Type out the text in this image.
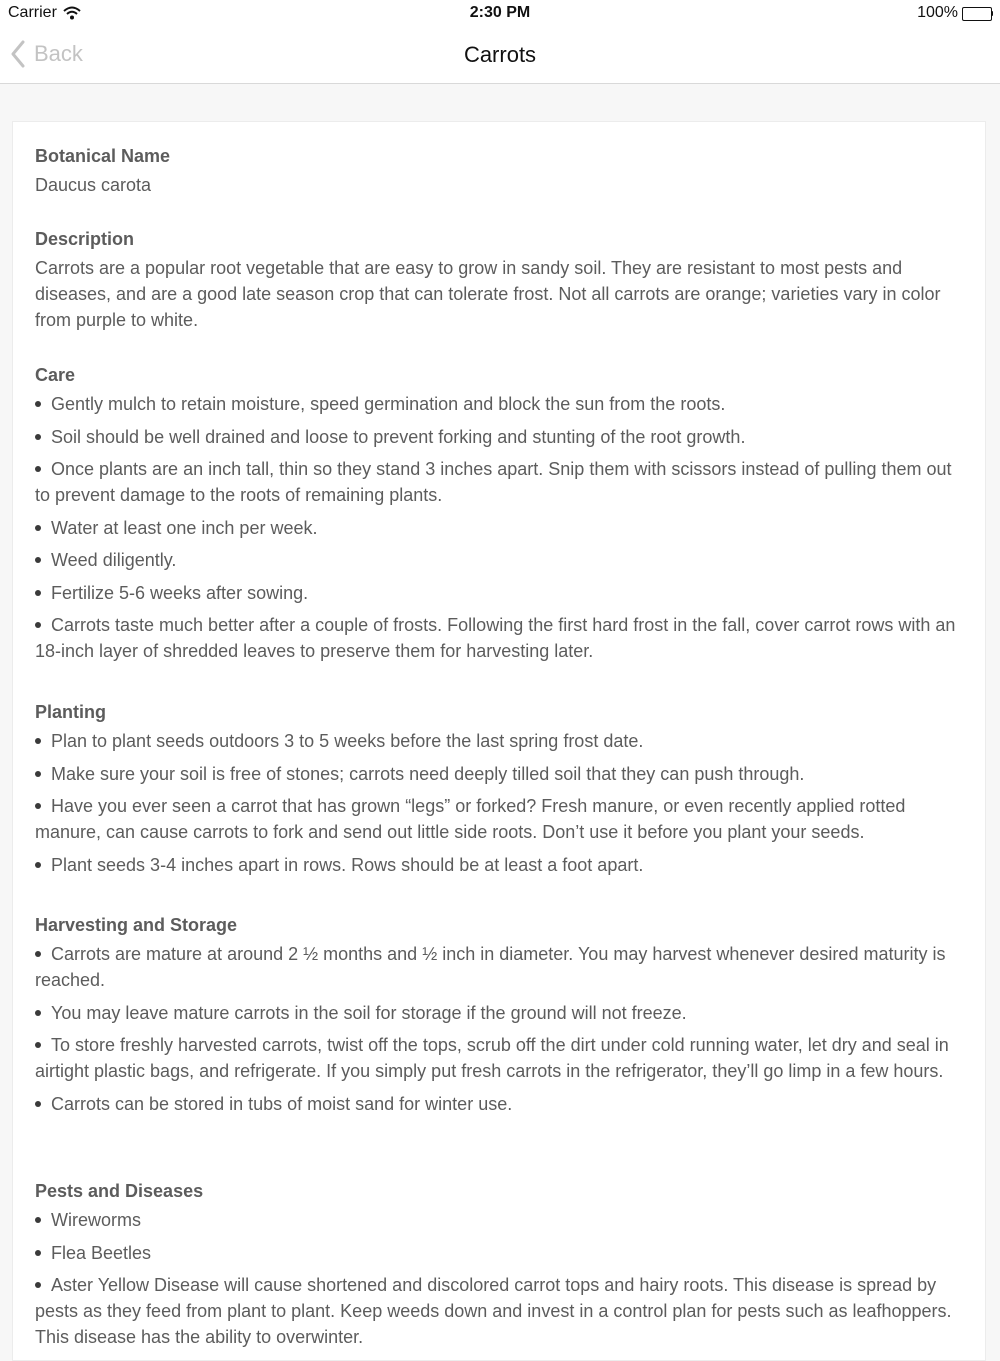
Carrier	2:30 PM	100%
Back	Carrots
Botanical Name

Daucus carota

Description

Carrots are a popular root vegetable that are easy to grow in sandy soil. They are resistant to most pests and diseases, and are a good late season crop that can tolerate frost. Not all carrots are orange; varieties vary in color from purple to white.

Care
Gently mulch to retain moisture, speed germination and block the sun from the roots.
Soil should be well drained and loose to prevent forking and stunting of the root growth.
Once plants are an inch tall, thin so they stand 3 inches apart. Snip them with scissors instead of pulling them out to prevent damage to the roots of remaining plants.
Water at least one inch per week.
Weed diligently.
Fertilize 5-6 weeks after sowing.
Carrots taste much better after a couple of frosts. Following the first hard frost in the fall, cover carrot rows with an 18-inch layer of shredded leaves to preserve them for harvesting later.
Planting
Plan to plant seeds outdoors 3 to 5 weeks before the last spring frost date.
Make sure your soil is free of stones; carrots need deeply tilled soil that they can push through.
Have you ever seen a carrot that has grown “legs” or forked? Fresh manure, or even recently applied rotted manure, can cause carrots to fork and send out little side roots. Don’t use it before you plant your seeds.
Plant seeds 3-4 inches apart in rows. Rows should be at least a foot apart.
Harvesting and Storage
Carrots are mature at around 2 ½ months and ½ inch in diameter. You may harvest whenever desired maturity is reached.
You may leave mature carrots in the soil for storage if the ground will not freeze.
To store freshly harvested carrots, twist off the tops, scrub off the dirt under cold running water, let dry and seal in airtight plastic bags, and refrigerate. If you simply put fresh carrots in the refrigerator, they’ll go limp in a few hours.
Carrots can be stored in tubs of moist sand for winter use.
Pests and Diseases
Wireworms
Flea Beetles
Aster Yellow Disease will cause shortened and discolored carrot tops and hairy roots. This disease is spread by pests as they feed from plant to plant. Keep weeds down and invest in a control plan for pests such as leafhoppers. This disease has the ability to overwinter.
